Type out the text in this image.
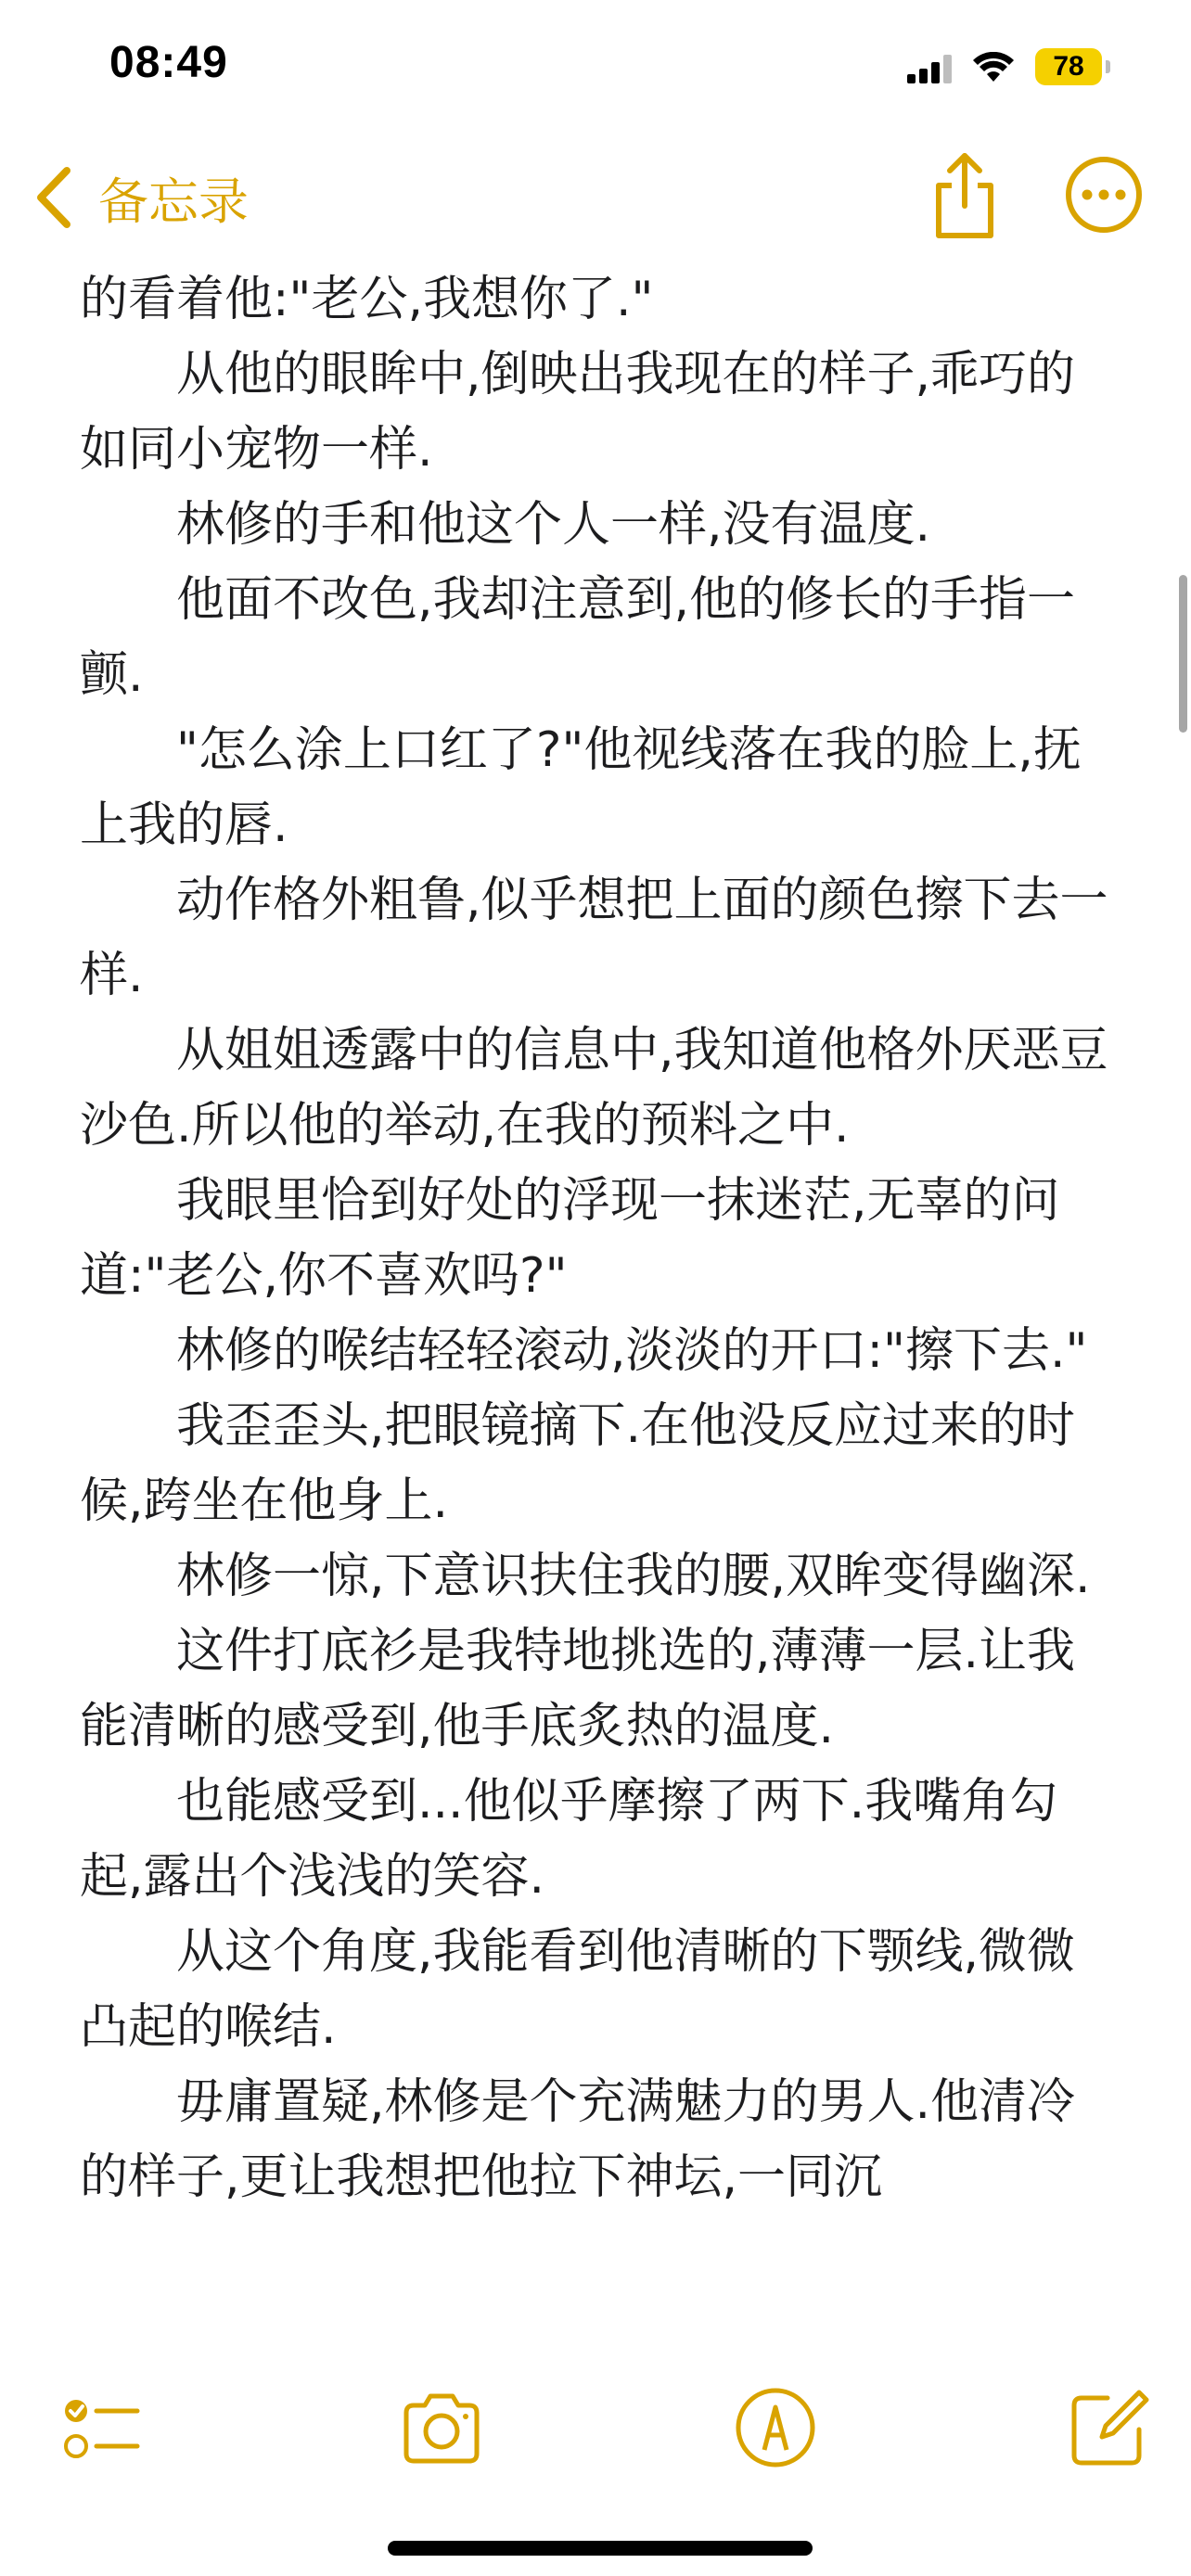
08:49	78
备忘录

的看着他:"老公,我想你了."

　　从他的眼眸中,倒映出我现在的样子,乖巧的如同小宠物一样.

　　林修的手和他这个人一样,没有温度.

　　他面不改色,我却注意到,他的修长的手指一颤.

　　"怎么涂上口红了?"他视线落在我的脸上,抚上我的唇.

　　动作格外粗鲁,似乎想把上面的颜色擦下去一样.

　　从姐姐透露中的信息中,我知道他格外厌恶豆沙色.所以他的举动,在我的预料之中.

　　我眼里恰到好处的浮现一抹迷茫,无辜的问道:"老公,你不喜欢吗?"

　　林修的喉结轻轻滚动,淡淡的开口:"擦下去."

　　我歪歪头,把眼镜摘下.在他没反应过来的时候,跨坐在他身上.

　　林修一惊,下意识扶住我的腰,双眸变得幽深.

　　这件打底衫是我特地挑选的,薄薄一层.让我能清晰的感受到,他手底炙热的温度.

　　也能感受到...他似乎摩擦了两下.我嘴角勾起,露出个浅浅的笑容.

　　从这个角度,我能看到他清晰的下颚线,微微凸起的喉结.

　　毋庸置疑,林修是个充满魅力的男人.他清冷的样子,更让我想把他拉下神坛,一同沉
